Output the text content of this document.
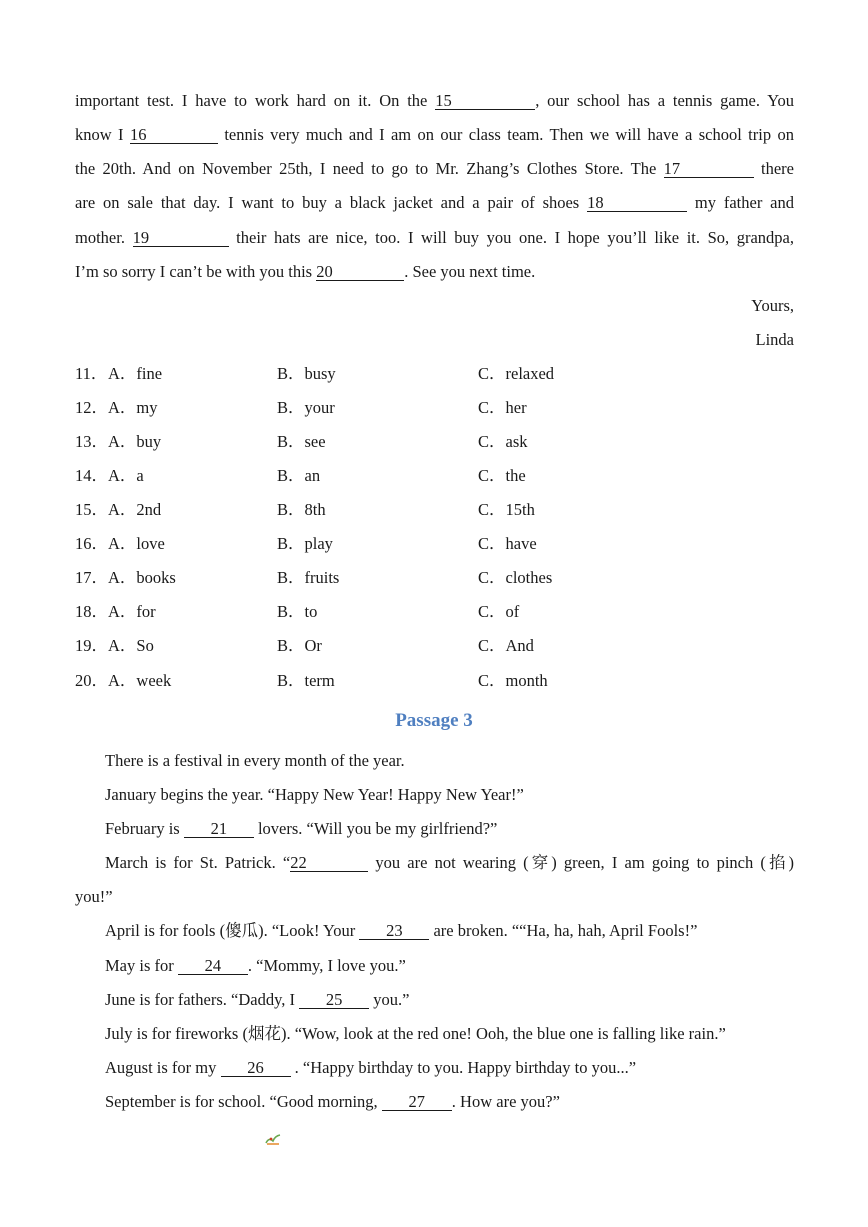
important test. I have to work hard on it. On the 15	, our school has a tennis game. You
know I 16	tennis very much and I am on our class team. Then we will have a school trip on
the 20th. And on November 25th, I need to go to Mr. Zhang’s Clothes Store. The 17	there
are on sale that day. I want to buy a black jacket and a pair of shoes 18	my father and
mother. 19	their hats are nice, too. I will buy you one. I hope you’ll like it. So, grandpa,
I’m so sorry I can’t be with you this 20	. See you next time.
Yours,
Linda
11． A．fine	B．busy	C．relaxed
12． A．my	B．your	C．her
13． A．buy	B．see	C．ask
14． A．a	B．an	C．the
15． A．2nd	B．8th	C．15th
16． A．love	B．play	C．have
17． A．books	B．fruits	C．clothes
18． A．for	B．to	C．of
19． A．So	B．Or	C．And
20． A．week	B．term	C．month
Passage 3
There is a festival in every month of the year.
January begins the year. “Happy New Year! Happy New Year!”
February is 21 lovers. “Will you be my girlfriend?”
March is for St. Patrick. “22	you are not wearing (穿) green, I am going to pinch (掐)
you!”
April is for fools (傻瓜). “Look! Your 23 are broken. ““Ha, ha, hah, April Fools!”
May is for 24 . “Mommy, I love you.”
June is for fathers. “Daddy, I 25 you.”
July is for fireworks (烟花). “Wow, look at the red one! Ooh, the blue one is falling like rain.”
August is for my 26 . “Happy birthday to you. Happy birthday to you...”
September is for school. “Good morning, 27 . How are you?”
